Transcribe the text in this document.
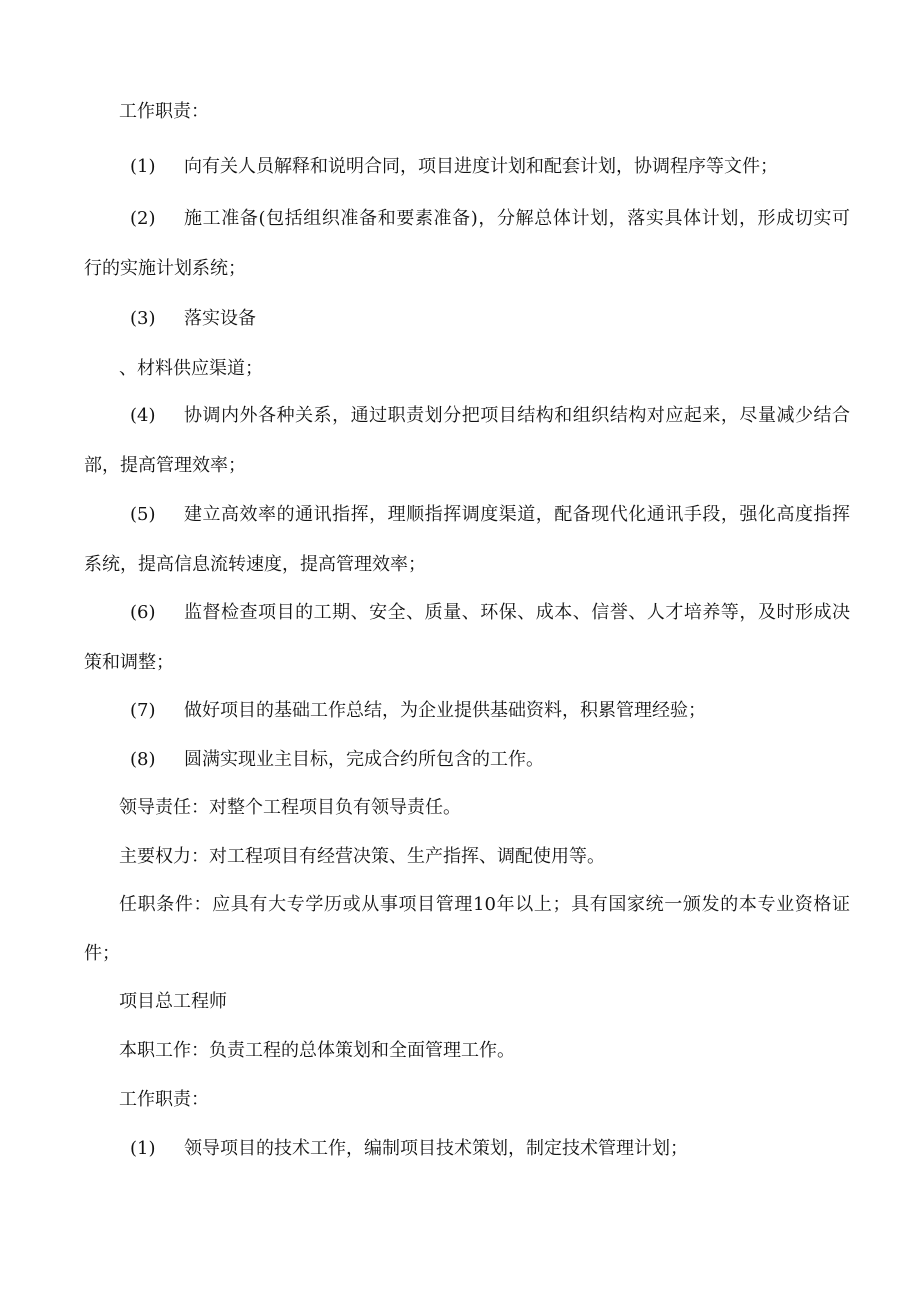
工作职责：
(1) 向有关人员解释和说明合同，项目进度计划和配套计划，协调程序等文件；
(2) 施工准备(包括组织准备和要素准备)，分解总体计划，落实具体计划，形成切实可
行的实施计划系统；
(3) 落实设备
、材料供应渠道；
(4) 协调内外各种关系，通过职责划分把项目结构和组织结构对应起来，尽量减少结合
部，提高管理效率；
(5) 建立高效率的通讯指挥，理顺指挥调度渠道，配备现代化通讯手段，强化高度指挥
系统，提高信息流转速度，提高管理效率；
(6) 监督检查项目的工期、安全、质量、环保、成本、信誉、人才培养等，及时形成决
策和调整；
(7) 做好项目的基础工作总结，为企业提供基础资料，积累管理经验；
(8) 圆满实现业主目标，完成合约所包含的工作。
领导责任：对整个工程项目负有领导责任。
主要权力：对工程项目有经营决策、生产指挥、调配使用等。
任职条件：应具有大专学历或从事项目管理10年以上；具有国家统一颁发的本专业资格证
件；
项目总工程师
本职工作：负责工程的总体策划和全面管理工作。
工作职责：
(1) 领导项目的技术工作，编制项目技术策划，制定技术管理计划；
